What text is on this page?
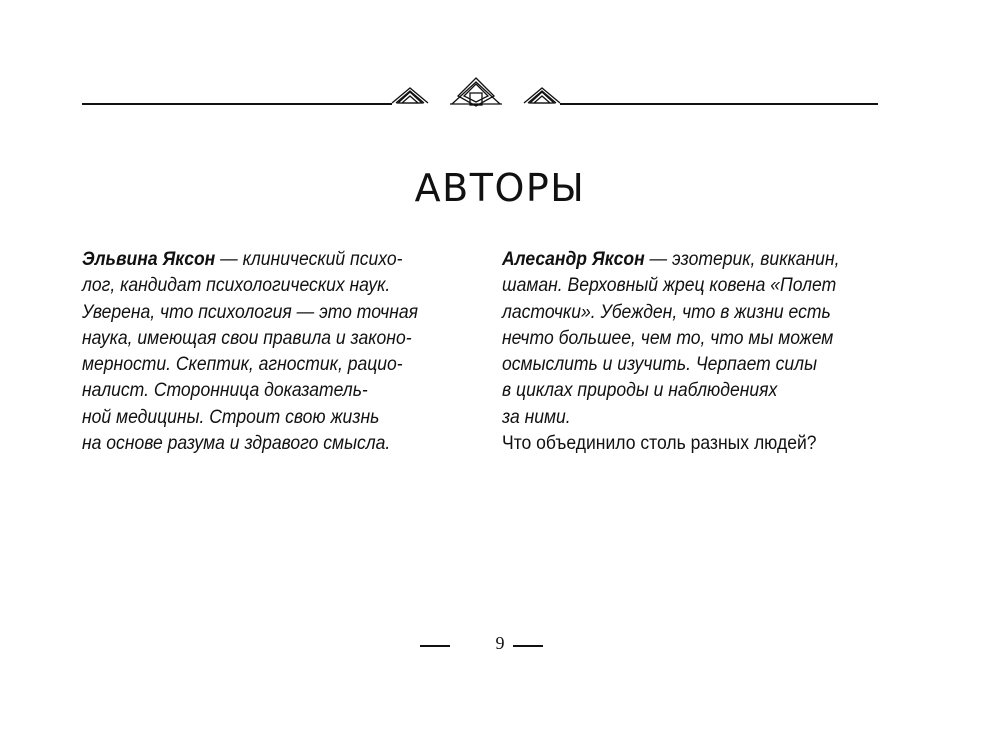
АВТОРЫ
Эльвина Яксон — клинический психо-
лог, кандидат психологических наук.
Уверена, что психология — это точная
наука, имеющая свои правила и законо-
мерности. Скептик, агностик, рацио-
налист. Сторонница доказатель-
ной медицины. Строит свою жизнь
на основе разума и здравого смысла.
Алесандр Яксон — эзотерик, викканин,
шаман. Верховный жрец ковена «Полет
ласточки». Убежден, что в жизни есть
нечто большее, чем то, что мы можем
осмыслить и изучить. Черпает силы
в циклах природы и наблюдениях
за ними.
Что объединило столь разных людей?
9
